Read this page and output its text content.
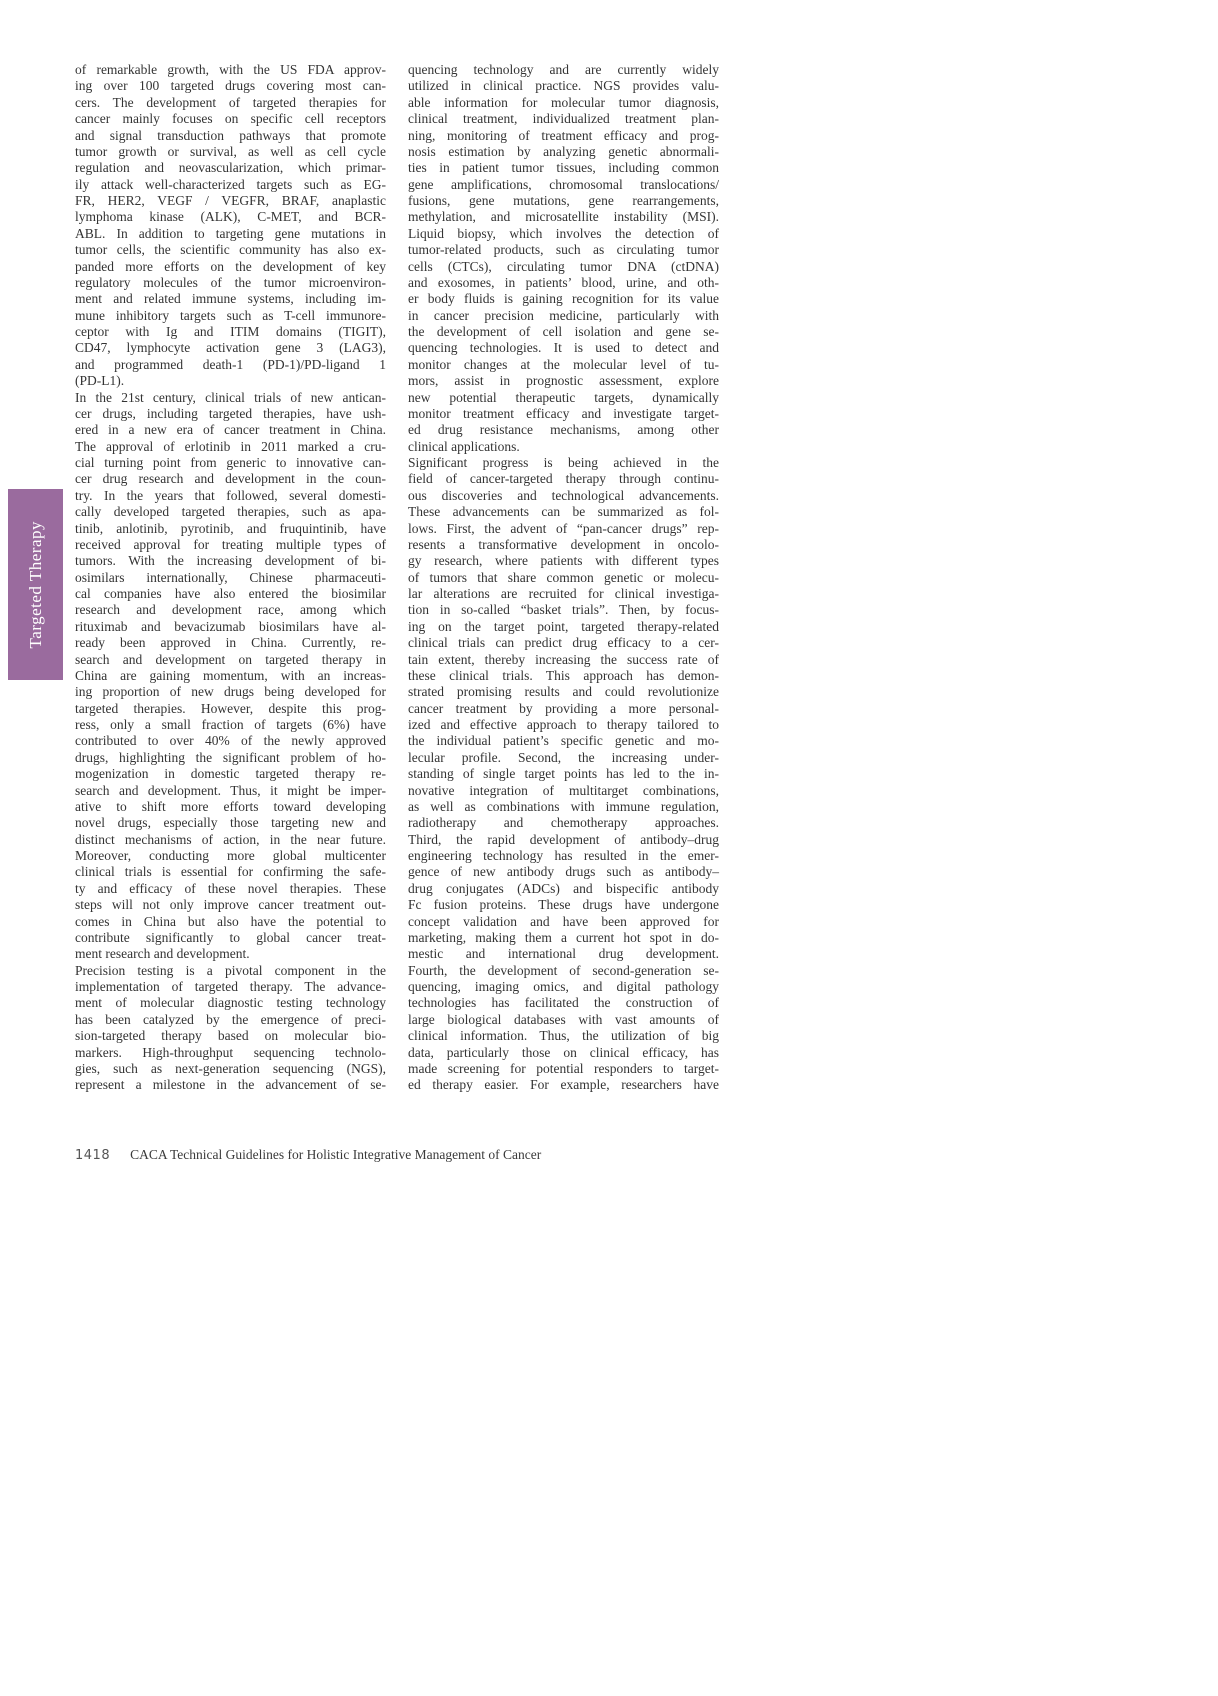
Targeted Therapy
of remarkable growth, with the US FDA approv-
ing over 100 targeted drugs covering most can-
cers. The development of targeted therapies for
cancer mainly focuses on specific cell receptors
and signal transduction pathways that promote
tumor growth or survival, as well as cell cycle
regulation and neovascularization, which primar-
ily attack well-characterized targets such as EG-
FR, HER2, VEGF / VEGFR, BRAF, anaplastic
lymphoma kinase (ALK), C-MET, and BCR-
ABL. In addition to targeting gene mutations in
tumor cells, the scientific community has also ex-
panded more efforts on the development of key
regulatory molecules of the tumor microenviron-
ment and related immune systems, including im-
mune inhibitory targets such as T-cell immunore-
ceptor with Ig and ITIM domains (TIGIT),
CD47, lymphocyte activation gene 3 (LAG3),
and programmed death-1 (PD-1)/PD-ligand 1
(PD-L1).
In the 21st century, clinical trials of new antican-
cer drugs, including targeted therapies, have ush-
ered in a new era of cancer treatment in China.
The approval of erlotinib in 2011 marked a cru-
cial turning point from generic to innovative can-
cer drug research and development in the coun-
try. In the years that followed, several domesti-
cally developed targeted therapies, such as apa-
tinib, anlotinib, pyrotinib, and fruquintinib, have
received approval for treating multiple types of
tumors. With the increasing development of bi-
osimilars internationally, Chinese pharmaceuti-
cal companies have also entered the biosimilar
research and development race, among which
rituximab and bevacizumab biosimilars have al-
ready been approved in China. Currently, re-
search and development on targeted therapy in
China are gaining momentum, with an increas-
ing proportion of new drugs being developed for
targeted therapies. However, despite this prog-
ress, only a small fraction of targets (6%) have
contributed to over 40% of the newly approved
drugs, highlighting the significant problem of ho-
mogenization in domestic targeted therapy re-
search and development. Thus, it might be imper-
ative to shift more efforts toward developing
novel drugs, especially those targeting new and
distinct mechanisms of action, in the near future.
Moreover, conducting more global multicenter
clinical trials is essential for confirming the safe-
ty and efficacy of these novel therapies. These
steps will not only improve cancer treatment out-
comes in China but also have the potential to
contribute significantly to global cancer treat-
ment research and development.
Precision testing is a pivotal component in the
implementation of targeted therapy. The advance-
ment of molecular diagnostic testing technology
has been catalyzed by the emergence of preci-
sion-targeted therapy based on molecular bio-
markers. High-throughput sequencing technolo-
gies, such as next-generation sequencing (NGS),
represent a milestone in the advancement of se-
quencing technology and are currently widely
utilized in clinical practice. NGS provides valu-
able information for molecular tumor diagnosis,
clinical treatment, individualized treatment plan-
ning, monitoring of treatment efficacy and prog-
nosis estimation by analyzing genetic abnormali-
ties in patient tumor tissues, including common
gene amplifications, chromosomal translocations/
fusions, gene mutations, gene rearrangements,
methylation, and microsatellite instability (MSI).
Liquid biopsy, which involves the detection of
tumor-related products, such as circulating tumor
cells (CTCs), circulating tumor DNA (ctDNA)
and exosomes, in patients’ blood, urine, and oth-
er body fluids is gaining recognition for its value
in cancer precision medicine, particularly with
the development of cell isolation and gene se-
quencing technologies. It is used to detect and
monitor changes at the molecular level of tu-
mors, assist in prognostic assessment, explore
new potential therapeutic targets, dynamically
monitor treatment efficacy and investigate target-
ed drug resistance mechanisms, among other
clinical applications.
Significant progress is being achieved in the
field of cancer-targeted therapy through continu-
ous discoveries and technological advancements.
These advancements can be summarized as fol-
lows. First, the advent of “pan-cancer drugs” rep-
resents a transformative development in oncolo-
gy research, where patients with different types
of tumors that share common genetic or molecu-
lar alterations are recruited for clinical investiga-
tion in so-called “basket trials”. Then, by focus-
ing on the target point, targeted therapy-related
clinical trials can predict drug efficacy to a cer-
tain extent, thereby increasing the success rate of
these clinical trials. This approach has demon-
strated promising results and could revolutionize
cancer treatment by providing a more personal-
ized and effective approach to therapy tailored to
the individual patient’s specific genetic and mo-
lecular profile. Second, the increasing under-
standing of single target points has led to the in-
novative integration of multitarget combinations,
as well as combinations with immune regulation,
radiotherapy and chemotherapy approaches.
Third, the rapid development of antibody–drug
engineering technology has resulted in the emer-
gence of new antibody drugs such as antibody–
drug conjugates (ADCs) and bispecific antibody
Fc fusion proteins. These drugs have undergone
concept validation and have been approved for
marketing, making them a current hot spot in do-
mestic and international drug development.
Fourth, the development of second-generation se-
quencing, imaging omics, and digital pathology
technologies has facilitated the construction of
large biological databases with vast amounts of
clinical information. Thus, the utilization of big
data, particularly those on clinical efficacy, has
made screening for potential responders to target-
ed therapy easier. For example, researchers have
1418 CACA Technical Guidelines for Holistic Integrative Management of Cancer
